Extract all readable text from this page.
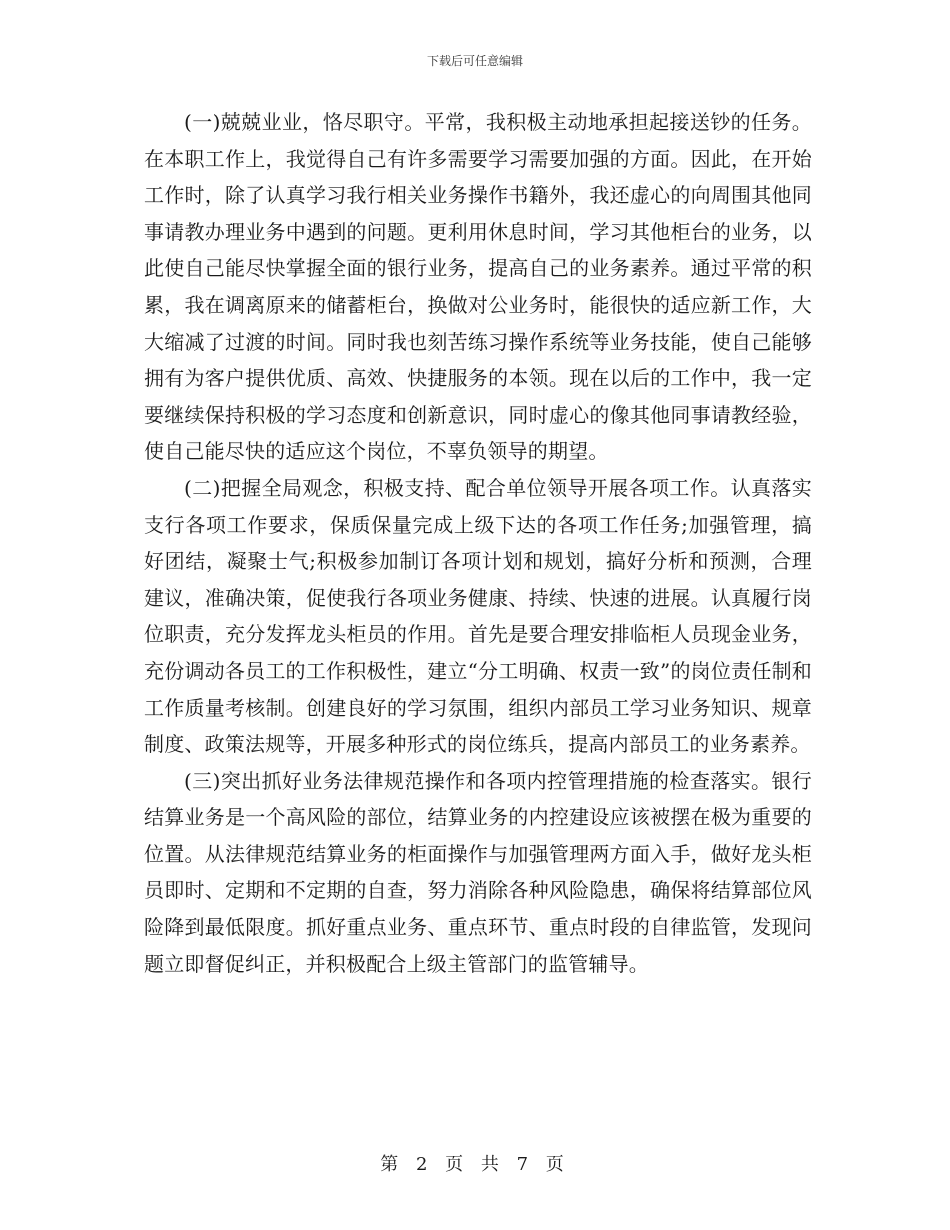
下载后可任意编辑

(一)兢兢业业，恪尽职守。平常，我积极主动地承担起接送钞的任务。在本职工作上，我觉得自己有许多需要学习需要加强的方面。因此，在开始工作时，除了认真学习我行相关业务操作书籍外，我还虚心的向周围其他同事请教办理业务中遇到的问题。更利用休息时间，学习其他柜台的业务，以此使自己能尽快掌握全面的银行业务，提高自己的业务素养。通过平常的积累，我在调离原来的储蓄柜台，换做对公业务时，能很快的适应新工作，大大缩减了过渡的时间。同时我也刻苦练习操作系统等业务技能，使自己能够拥有为客户提供优质、高效、快捷服务的本领。现在以后的工作中，我一定要继续保持积极的学习态度和创新意识，同时虚心的像其他同事请教经验，使自己能尽快的适应这个岗位，不辜负领导的期望。

(二)把握全局观念，积极支持、配合单位领导开展各项工作。认真落实支行各项工作要求，保质保量完成上级下达的各项工作任务;加强管理，搞好团结，凝聚士气;积极参加制订各项计划和规划，搞好分析和预测，合理建议，准确决策，促使我行各项业务健康、持续、快速的进展。认真履行岗位职责，充分发挥龙头柜员的作用。首先是要合理安排临柜人员现金业务，充份调动各员工的工作积极性，建立“分工明确、权责一致”的岗位责任制和工作质量考核制。创建良好的学习氛围，组织内部员工学习业务知识、规章制度、政策法规等，开展多种形式的岗位练兵，提高内部员工的业务素养。

(三)突出抓好业务法律规范操作和各项内控管理措施的检查落实。银行结算业务是一个高风险的部位，结算业务的内控建设应该被摆在极为重要的位置。从法律规范结算业务的柜面操作与加强管理两方面入手，做好龙头柜员即时、定期和不定期的自查，努力消除各种风险隐患，确保将结算部位风险降到最低限度。抓好重点业务、重点环节、重点时段的自律监管，发现问题立即督促纠正，并积极配合上级主管部门的监管辅导。

第 2 页 共 7 页
